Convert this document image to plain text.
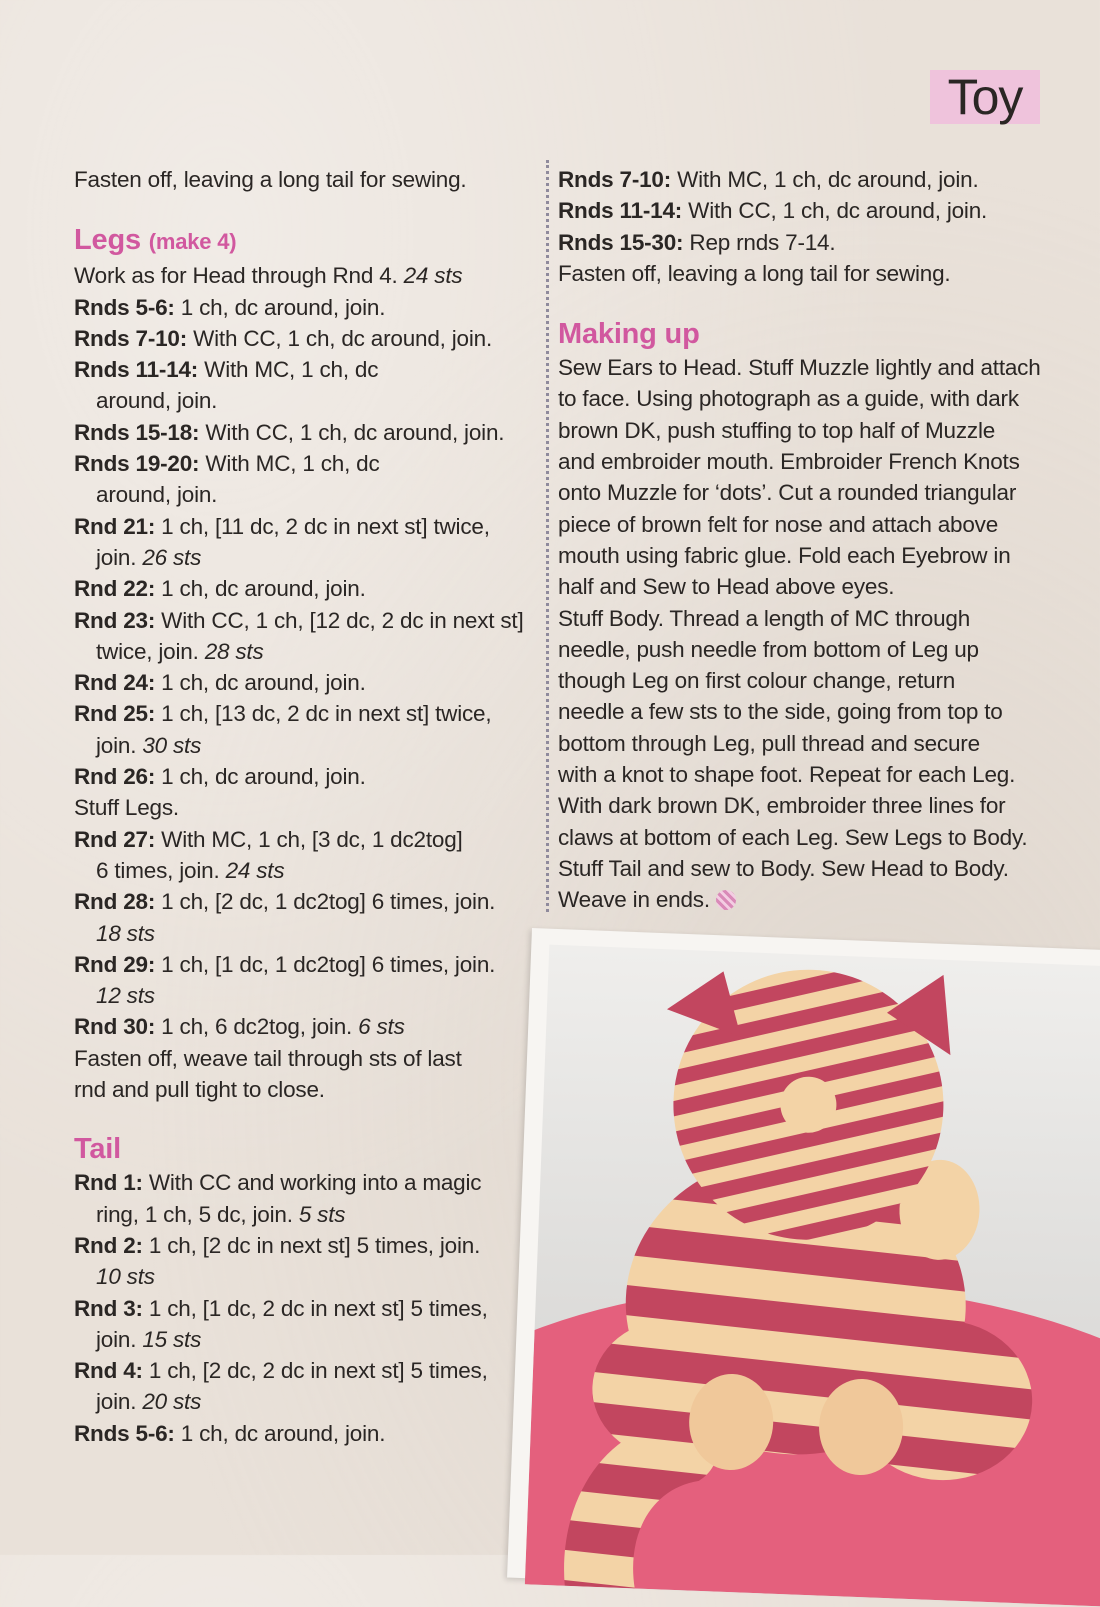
Toy
Fasten off, leaving a long tail for sewing.
Legs (make 4)
Work as for Head through Rnd 4. 24 sts
Rnds 5-6: 1 ch, dc around, join.
Rnds 7-10: With CC, 1 ch, dc around, join.
Rnds 11-14: With MC, 1 ch, dc
around, join.
Rnds 15-18: With CC, 1 ch, dc around, join.
Rnds 19-20: With MC, 1 ch, dc
around, join.
Rnd 21: 1 ch, [11 dc, 2 dc in next st] twice,
join. 26 sts
Rnd 22: 1 ch, dc around, join.
Rnd 23: With CC, 1 ch, [12 dc, 2 dc in next st]
twice, join. 28 sts
Rnd 24: 1 ch, dc around, join.
Rnd 25: 1 ch, [13 dc, 2 dc in next st] twice,
join. 30 sts
Rnd 26: 1 ch, dc around, join.
Stuff Legs.
Rnd 27: With MC, 1 ch, [3 dc, 1 dc2tog]
6 times, join. 24 sts
Rnd 28: 1 ch, [2 dc, 1 dc2tog] 6 times, join.
18 sts
Rnd 29: 1 ch, [1 dc, 1 dc2tog] 6 times, join.
12 sts
Rnd 30: 1 ch, 6 dc2tog, join. 6 sts
Fasten off, weave tail through sts of last
rnd and pull tight to close.
Tail
Rnd 1: With CC and working into a magic
ring, 1 ch, 5 dc, join. 5 sts
Rnd 2: 1 ch, [2 dc in next st] 5 times, join.
10 sts
Rnd 3: 1 ch, [1 dc, 2 dc in next st] 5 times,
join. 15 sts
Rnd 4: 1 ch, [2 dc, 2 dc in next st] 5 times,
join. 20 sts
Rnds 5-6: 1 ch, dc around, join.
Rnds 7-10: With MC, 1 ch, dc around, join.
Rnds 11-14: With CC, 1 ch, dc around, join.
Rnds 15-30: Rep rnds 7-14.
Fasten off, leaving a long tail for sewing.
Making up
Sew Ears to Head. Stuff Muzzle lightly and attach
to face. Using photograph as a guide, with dark
brown DK, push stuffing to top half of Muzzle
and embroider mouth. Embroider French Knots
onto Muzzle for ‘dots’. Cut a rounded triangular
piece of brown felt for nose and attach above
mouth using fabric glue. Fold each Eyebrow in
half and Sew to Head above eyes.
Stuff Body. Thread a length of MC through
needle, push needle from bottom of Leg up
though Leg on first colour change, return
needle a few sts to the side, going from top to
bottom through Leg, pull thread and secure
with a knot to shape foot. Repeat for each Leg.
With dark brown DK, embroider three lines for
claws at bottom of each Leg. Sew Legs to Body.
Stuff Tail and sew to Body. Sew Head to Body.
Weave in ends.
